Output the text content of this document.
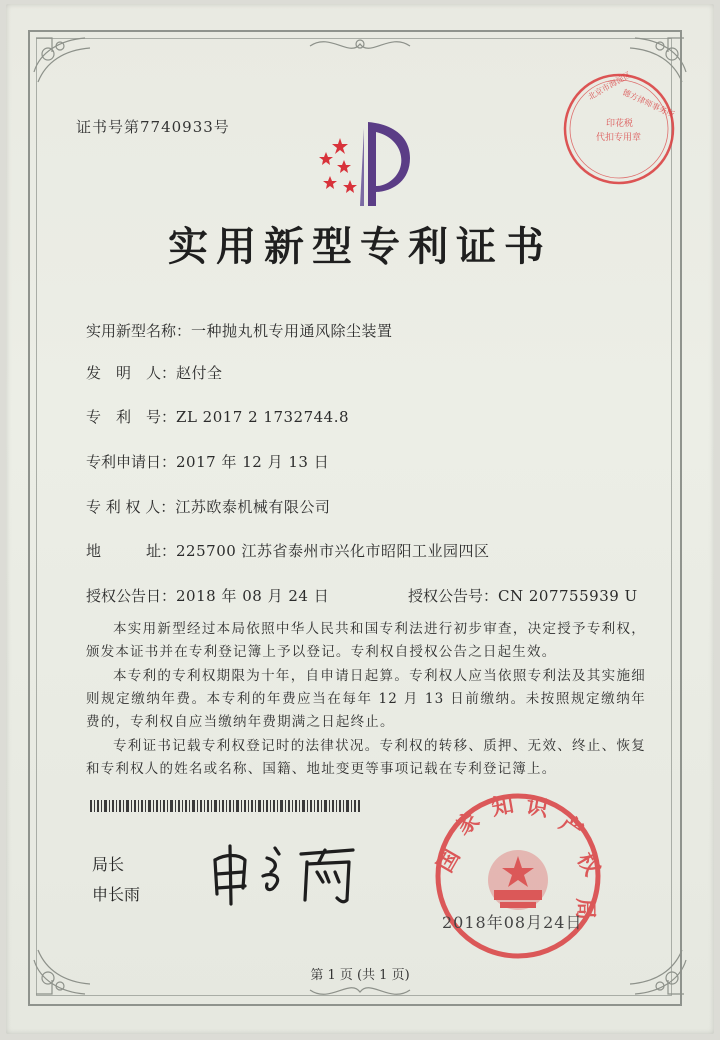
证书号第7740933号
北京市海淀区
德方律师事务所
印花税
代扣专用章
实用新型专利证书
实用新型名称：一种抛丸机专用通风除尘装置
发　明　人：赵付全
专　利　号：ZL 2017 2 1732744.8
专利申请日：2017 年 12 月 13 日
专 利 权 人：江苏欧泰机械有限公司
地　　　址：225700 江苏省泰州市兴化市昭阳工业园四区
授权公告日：2018 年 08 月 24 日	授权公告号：CN 207755939 U
本实用新型经过本局依照中华人民共和国专利法进行初步审查，决定授予专利权，颁发本证书并在专利登记簿上予以登记。专利权自授权公告之日起生效。
本专利的专利权期限为十年，自申请日起算。专利权人应当依照专利法及其实施细则规定缴纳年费。本专利的年费应当在每年 12 月 13 日前缴纳。未按照规定缴纳年费的，专利权自应当缴纳年费期满之日起终止。
专利证书记载专利权登记时的法律状况。专利权的转移、质押、无效、终止、恢复和专利权人的姓名或名称、国籍、地址变更等事项记载在专利登记簿上。
局长
申长雨
国
家 知 识
产
权
局
2018年08月24日
第 1 页 (共 1 页)
